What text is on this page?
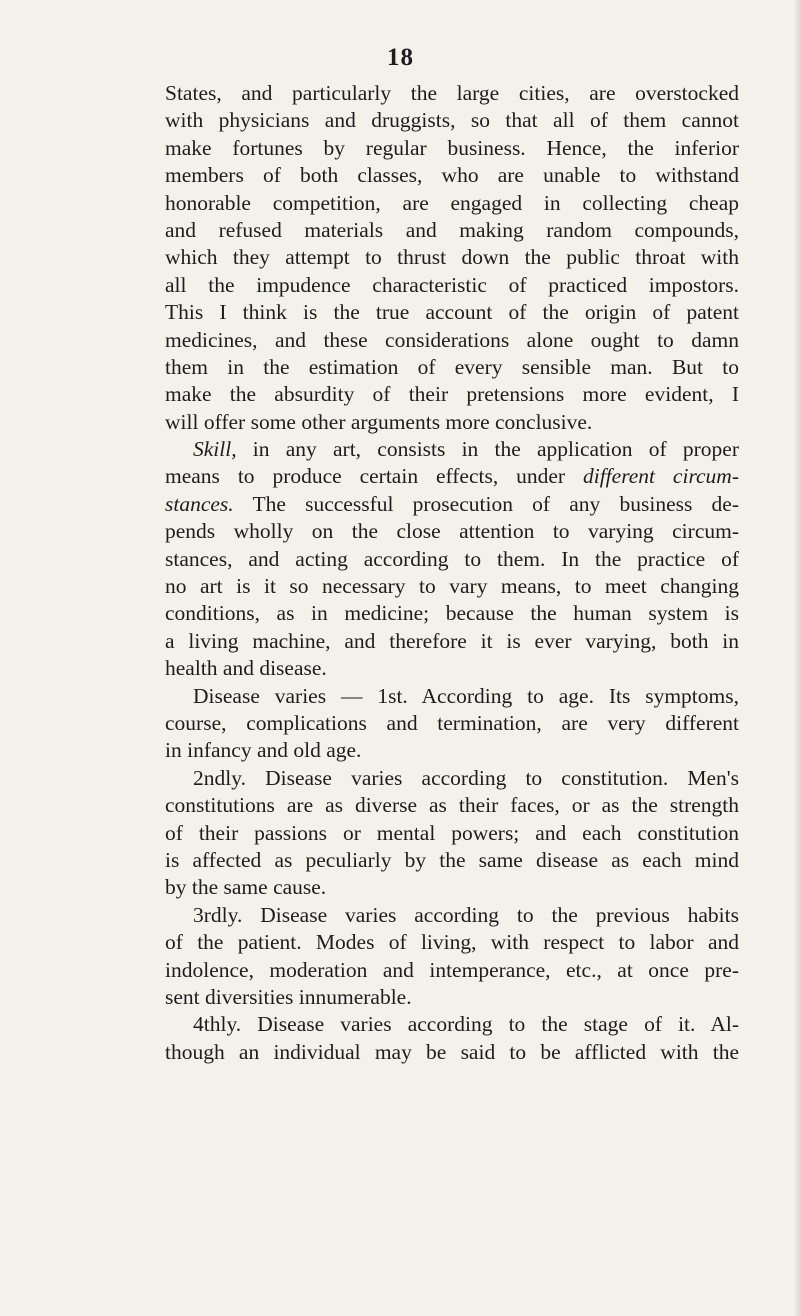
18
States, and particularly the large cities, are overstocked
with physicians and druggists, so that all of them cannot
make fortunes by regular business. Hence, the inferior
members of both classes, who are unable to withstand
honorable competition, are engaged in collecting cheap
and refused materials and making random compounds,
which they attempt to thrust down the public throat with
all the impudence characteristic of practiced impostors.
This I think is the true account of the origin of patent
medicines, and these considerations alone ought to damn
them in the estimation of every sensible man. But to
make the absurdity of their pretensions more evident, I
will offer some other arguments more conclusive.
Skill, in any art, consists in the application of proper
means to produce certain effects, under different circum-
stances. The successful prosecution of any business de-
pends wholly on the close attention to varying circum-
stances, and acting according to them. In the practice of
no art is it so necessary to vary means, to meet changing
conditions, as in medicine; because the human system is
a living machine, and therefore it is ever varying, both in
health and disease.
Disease varies — 1st. According to age. Its symptoms,
course, complications and termination, are very different
in infancy and old age.
2ndly. Disease varies according to constitution. Men's
constitutions are as diverse as their faces, or as the strength
of their passions or mental powers; and each constitution
is affected as peculiarly by the same disease as each mind
by the same cause.
3rdly. Disease varies according to the previous habits
of the patient. Modes of living, with respect to labor and
indolence, moderation and intemperance, etc., at once pre-
sent diversities innumerable.
4thly. Disease varies according to the stage of it. Al-
though an individual may be said to be afflicted with the
